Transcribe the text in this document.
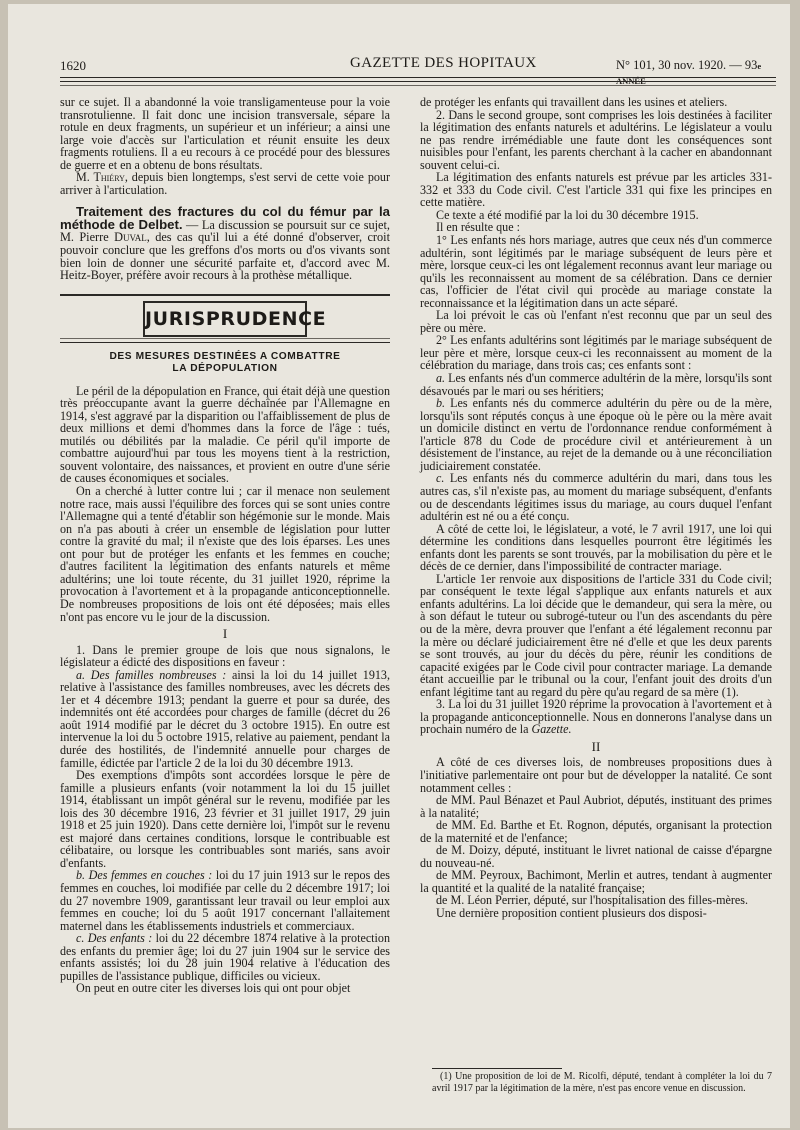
1620	GAZETTE DES HOPITAUX	N° 101, 30 nov. 1920. — 93e ANNÉE

sur ce sujet. Il a abandonné la voie transligamenteuse pour la voie transrotulienne. Il fait donc une incision transversale, sépare la rotule en deux fragments, un supérieur et un inférieur; a ainsi une large voie d'accès sur l'articulation et réunit ensuite les deux fragments rotuliens. Il a eu recours à ce procédé pour des blessures de guerre et en a obtenu de bons résultats.

M. Thiéry, depuis bien longtemps, s'est servi de cette voie pour arriver à l'articulation.

Traitement des fractures du col du fémur par la méthode de Delbet. — La discussion se poursuit sur ce sujet, M. Pierre Duval, des cas qu'il lui a été donné d'observer, croit pouvoir conclure que les greffons d'os morts ou d'os vivants sont bien loin de donner une sécurité parfaite et, d'accord avec M. Heitz-Boyer, préfère avoir recours à la prothèse métallique.

JURISPRUDENCE
DES MESURES DESTINÉES A COMBATTRE
LA DÉPOPULATION

Le péril de la dépopulation en France, qui était déjà une question très préoccupante avant la guerre déchaînée par l'Allemagne en 1914, s'est aggravé par la disparition ou l'affaiblissement de plus de deux millions et demi d'hommes dans la force de l'âge : tués, mutilés ou débilités par la maladie. Ce péril qu'il importe de combattre aujourd'hui par tous les moyens tient à la restriction, souvent volontaire, des naissances, et provient en outre d'une série de causes économiques et sociales.

On a cherché à lutter contre lui ; car il menace non seulement notre race, mais aussi l'équilibre des forces qui se sont unies contre l'Allemagne qui a tenté d'établir son hégémonie sur le monde. Mais on n'a pas abouti à créer un ensemble de législation pour lutter contre la gravité du mal; il n'existe que des lois éparses. Les unes ont pour but de protéger les enfants et les femmes en couche; d'autres facilitent la légitimation des enfants naturels et même adultérins; une loi toute récente, du 31 juillet 1920, réprime la provocation à l'avortement et à la propagande anticonceptionnelle. De nombreuses propositions de lois ont été déposées; mais elles n'ont pas encore vu le jour de la discussion.

I

1. Dans le premier groupe de lois que nous signalons, le législateur a édicté des dispositions en faveur :

a. Des familles nombreuses : ainsi la loi du 14 juillet 1913, relative à l'assistance des familles nombreuses, avec les décrets des 1er et 4 décembre 1913; pendant la guerre et pour sa durée, des indemnités ont été accordées pour charges de famille (décret du 26 août 1914 modifié par le décret du 3 octobre 1915). En outre est intervenue la loi du 5 octobre 1915, relative au paiement, pendant la durée des hostilités, de l'indemnité annuelle pour charges de famille, édictée par l'article 2 de la loi du 30 décembre 1913.

Des exemptions d'impôts sont accordées lorsque le père de famille a plusieurs enfants (voir notamment la loi du 15 juillet 1914, établissant un impôt général sur le revenu, modifiée par les lois des 30 décembre 1916, 23 février et 31 juillet 1917, 29 juin 1918 et 25 juin 1920). Dans cette dernière loi, l'impôt sur le revenu est majoré dans certaines conditions, lorsque le contribuable est célibataire, ou lorsque les contribuables sont mariés, sans avoir d'enfants.

b. Des femmes en couches : loi du 17 juin 1913 sur le repos des femmes en couches, loi modifiée par celle du 2 décembre 1917; loi du 27 novembre 1909, garantissant leur travail ou leur emploi aux femmes en couche; loi du 5 août 1917 concernant l'allaitement maternel dans les établissements industriels et commerciaux.

c. Des enfants : loi du 22 décembre 1874 relative à la protection des enfants du premier âge; loi du 27 juin 1904 sur le service des enfants assistés; loi du 28 juin 1904 relative à l'éducation des pupilles de l'assistance publique, difficiles ou vicieux.

On peut en outre citer les diverses lois qui ont pour objet

de protéger les enfants qui travaillent dans les usines et ateliers.

2. Dans le second groupe, sont comprises les lois destinées à faciliter la légitimation des enfants naturels et adultérins. Le législateur a voulu ne pas rendre irrémédiable une faute dont les conséquences sont nuisibles pour l'enfant, les parents cherchant à la cacher en abandonnant souvent celui-ci.

La légitimation des enfants naturels est prévue par les articles 331-332 et 333 du Code civil. C'est l'article 331 qui fixe les principes en cette matière.

Ce texte a été modifié par la loi du 30 décembre 1915.

Il en résulte que :

1° Les enfants nés hors mariage, autres que ceux nés d'un commerce adultérin, sont légitimés par le mariage subséquent de leurs père et mère, lorsque ceux-ci les ont légalement reconnus avant leur mariage ou qu'ils les reconnaissent au moment de sa célébration. Dans ce dernier cas, l'officier de l'état civil qui procède au mariage constate la reconnaissance et la légitimation dans un acte séparé.

La loi prévoit le cas où l'enfant n'est reconnu que par un seul des père ou mère.

2° Les enfants adultérins sont légitimés par le mariage subséquent de leur père et mère, lorsque ceux-ci les reconnaissent au moment de la célébration du mariage, dans trois cas; ces enfants sont :

a. Les enfants nés d'un commerce adultérin de la mère, lorsqu'ils sont désavoués par le mari ou ses héritiers;

b. Les enfants nés du commerce adultérin du père ou de la mère, lorsqu'ils sont réputés conçus à une époque où le père ou la mère avait un domicile distinct en vertu de l'ordonnance rendue conformément à l'article 878 du Code de procédure civil et antérieurement à un désistement de l'instance, au rejet de la demande ou à une réconciliation judiciairement constatée.

c. Les enfants nés du commerce adultérin du mari, dans tous les autres cas, s'il n'existe pas, au moment du mariage subséquent, d'enfants ou de descendants légitimes issus du mariage, au cours duquel l'enfant adultérin est né ou a été conçu.

A côté de cette loi, le législateur, a voté, le 7 avril 1917, une loi qui détermine les conditions dans lesquelles pourront être légitimés les enfants dont les parents se sont trouvés, par la mobilisation du père et le décès de ce dernier, dans l'impossibilité de contracter mariage.

L'article 1er renvoie aux dispositions de l'article 331 du Code civil; par conséquent le texte légal s'applique aux enfants naturels et aux enfants adultérins. La loi décide que le demandeur, qui sera la mère, ou à son défaut le tuteur ou subrogé-tuteur ou l'un des ascendants du père ou de la mère, devra prouver que l'enfant a été légalement reconnu par la mère ou déclaré judiciairement être né d'elle et que les deux parents se sont trouvés, au jour du décès du père, réunir les conditions de capacité exigées par le Code civil pour contracter mariage. La demande étant accueillie par le tribunal ou la cour, l'enfant jouit des droits d'un enfant légitime tant au regard du père qu'au regard de sa mère (1).

3. La loi du 31 juillet 1920 réprime la provocation à l'avortement et à la propagande anticonceptionnelle. Nous en donnerons l'analyse dans un prochain numéro de la Gazette.

II

A côté de ces diverses lois, de nombreuses propositions dues à l'initiative parlementaire ont pour but de développer la natalité. Ce sont notamment celles :

de MM. Paul Bénazet et Paul Aubriot, députés, instituant des primes à la natalité;

de MM. Ed. Barthe et Et. Rognon, députés, organisant la protection de la maternité et de l'enfance;

de M. Doizy, député, instituant le livret national de caisse d'épargne du nouveau-né.

de MM. Peyroux, Bachimont, Merlin et autres, tendant à augmenter la quantité et la qualité de la natalité française;

de M. Léon Perrier, député, sur l'hospitalisation des filles-mères.

Une dernière proposition contient plusieurs dos disposi-

(1) Une proposition de loi de M. Ricolfi, député, tendant à compléter la loi du 7 avril 1917 par la légitimation de la mère, n'est pas encore venue en discussion.
